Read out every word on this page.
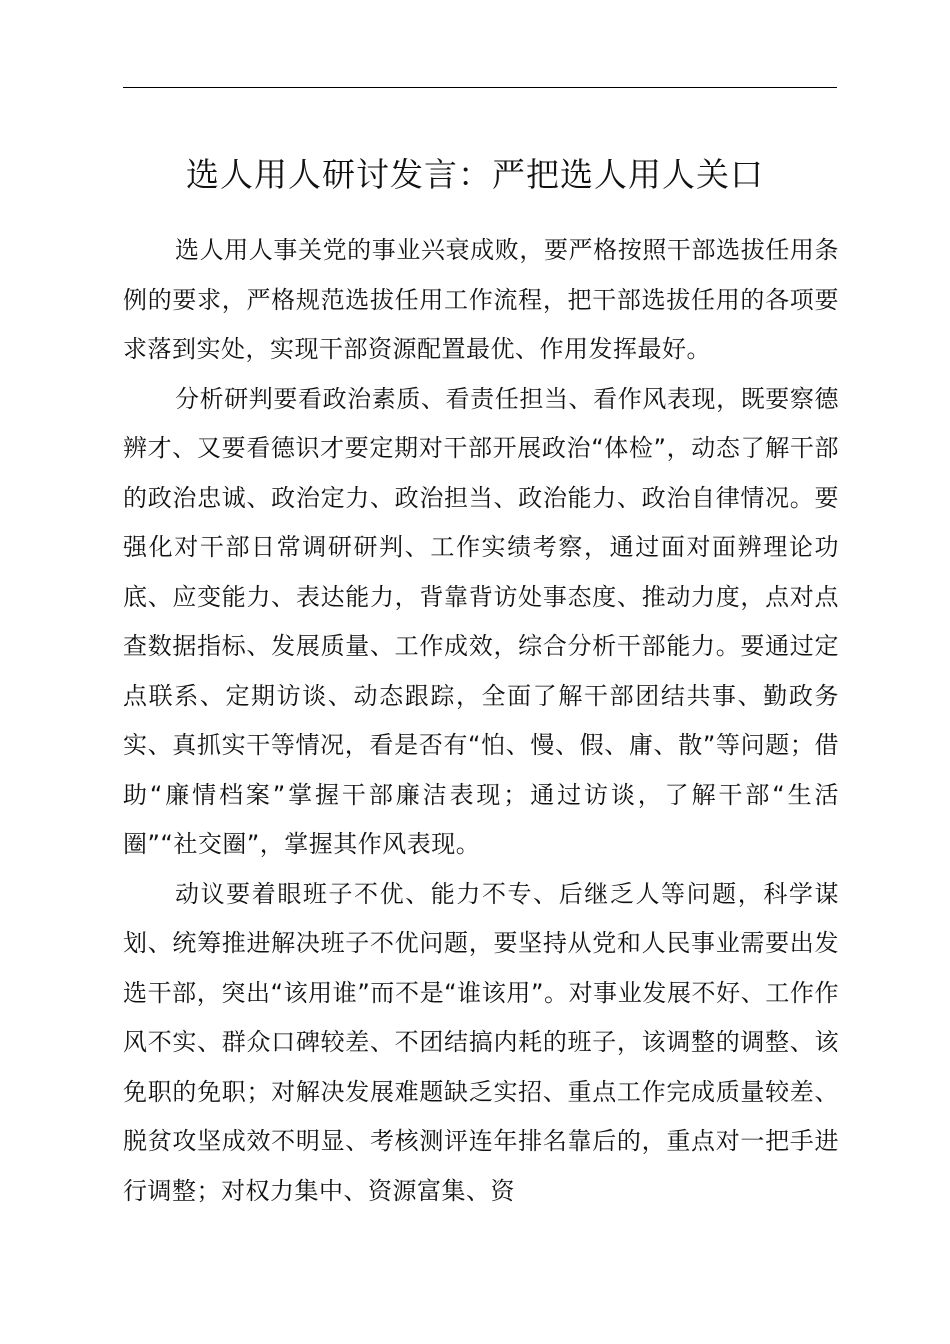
选人用人研讨发言：严把选人用人关口

选人用人事关党的事业兴衰成败，要严格按照干部选拔任用条例的要求，严格规范选拔任用工作流程，把干部选拔任用的各项要求落到实处，实现干部资源配置最优、作用发挥最好。

分析研判要看政治素质、看责任担当、看作风表现，既要察德辨才、又要看德识才要定期对干部开展政治“体检”，动态了解干部的政治忠诚、政治定力、政治担当、政治能力、政治自律情况。要强化对干部日常调研研判、工作实绩考察，通过面对面辨理论功底、应变能力、表达能力，背靠背访处事态度、推动力度，点对点查数据指标、发展质量、工作成效，综合分析干部能力。要通过定点联系、定期访谈、动态跟踪，全面了解干部团结共事、勤政务实、真抓实干等情况，看是否有“怕、慢、假、庸、散”等问题；借助“廉情档案”掌握干部廉洁表现；通过访谈，了解干部“生活圈”“社交圈”，掌握其作风表现。

动议要着眼班子不优、能力不专、后继乏人等问题，科学谋划、统筹推进解决班子不优问题，要坚持从党和人民事业需要出发选干部，突出“该用谁”而不是“谁该用”。对事业发展不好、工作作风不实、群众口碑较差、不团结搞内耗的班子，该调整的调整、该免职的免职；对解决发展难题缺乏实招、重点工作完成质量较差、脱贫攻坚成效不明显、考核测评连年排名靠后的，重点对一把手进行调整；对权力集中、资源富集、资
